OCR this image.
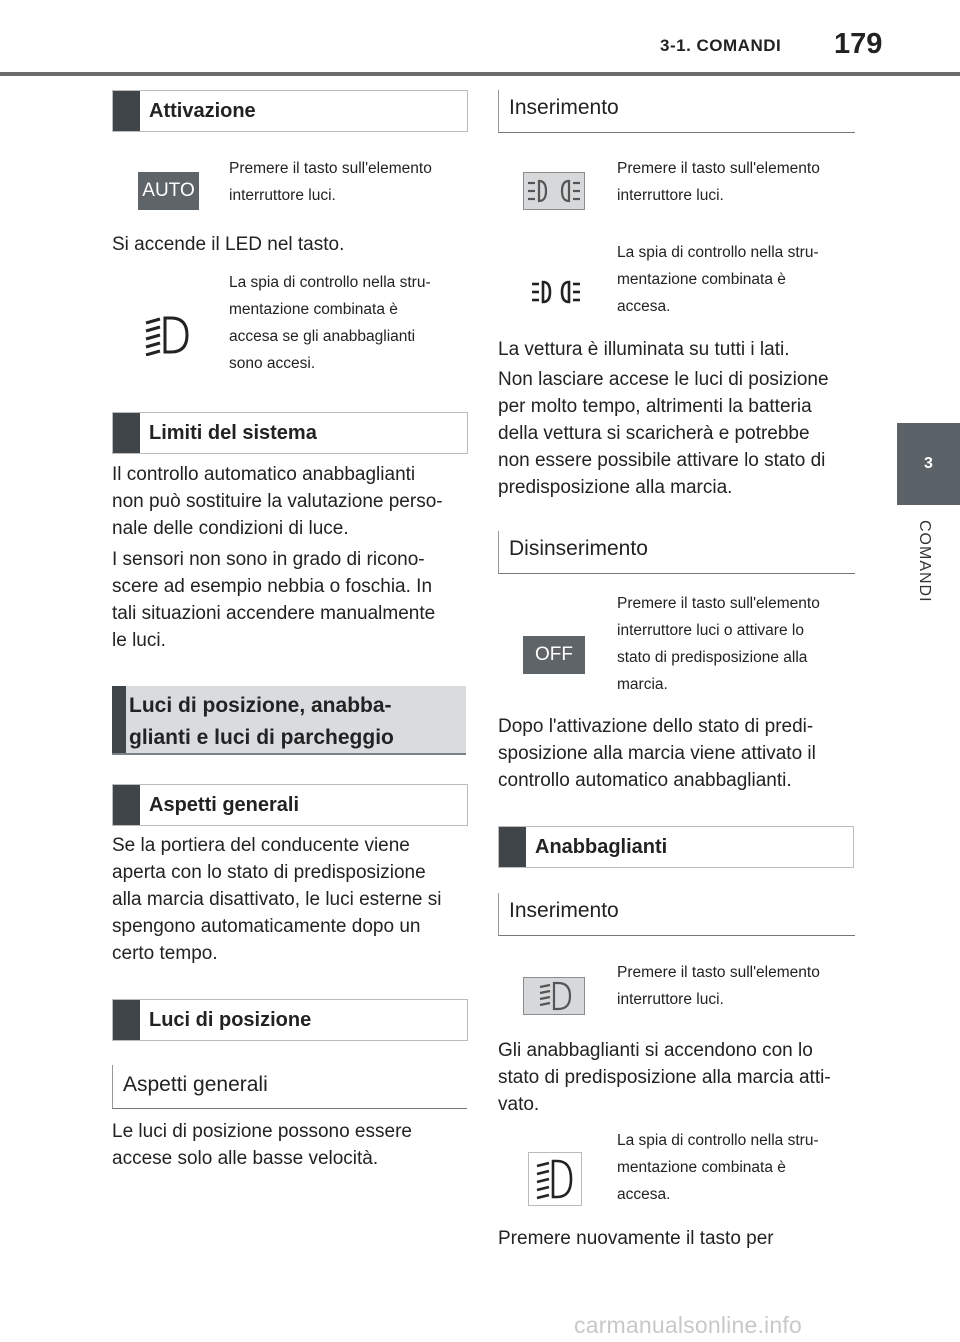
3-1. COMANDI 179
3
COMANDI
Attivazione
AUTO
Premere il tasto sull'elemento
interruttore luci.
Si accende il LED nel tasto.
La spia di controllo nella stru-
mentazione combinata è
accesa se gli anabbaglianti
sono accesi.
Limiti del sistema
Il controllo automatico anabbaglianti
non può sostituire la valutazione perso-
nale delle condizioni di luce.
I sensori non sono in grado di ricono-
scere ad esempio nebbia o foschia. In
tali situazioni accendere manualmente
le luci.
Luci di posizione, anabba-
glianti e luci di parcheggio
Aspetti generali
Se la portiera del conducente viene
aperta con lo stato di predisposizione
alla marcia disattivato, le luci esterne si
spengono automaticamente dopo un
certo tempo.
Luci di posizione
Aspetti generali
Le luci di posizione possono essere
accese solo alle basse velocità.
Inserimento
Premere il tasto sull'elemento
interruttore luci.
La spia di controllo nella stru-
mentazione combinata è
accesa.
La vettura è illuminata su tutti i lati.
Non lasciare accese le luci di posizione
per molto tempo, altrimenti la batteria
della vettura si scaricherà e potrebbe
non essere possibile attivare lo stato di
predisposizione alla marcia.
Disinserimento
OFF
Premere il tasto sull'elemento
interruttore luci o attivare lo
stato di predisposizione alla
marcia.
Dopo l'attivazione dello stato di predi-
sposizione alla marcia viene attivato il
controllo automatico anabbaglianti.
Anabbaglianti
Inserimento
Premere il tasto sull'elemento
interruttore luci.
Gli anabbaglianti si accendono con lo
stato di predisposizione alla marcia atti-
vato.
La spia di controllo nella stru-
mentazione combinata è
accesa.
Premere nuovamente il tasto per
carmanualsonline.info
